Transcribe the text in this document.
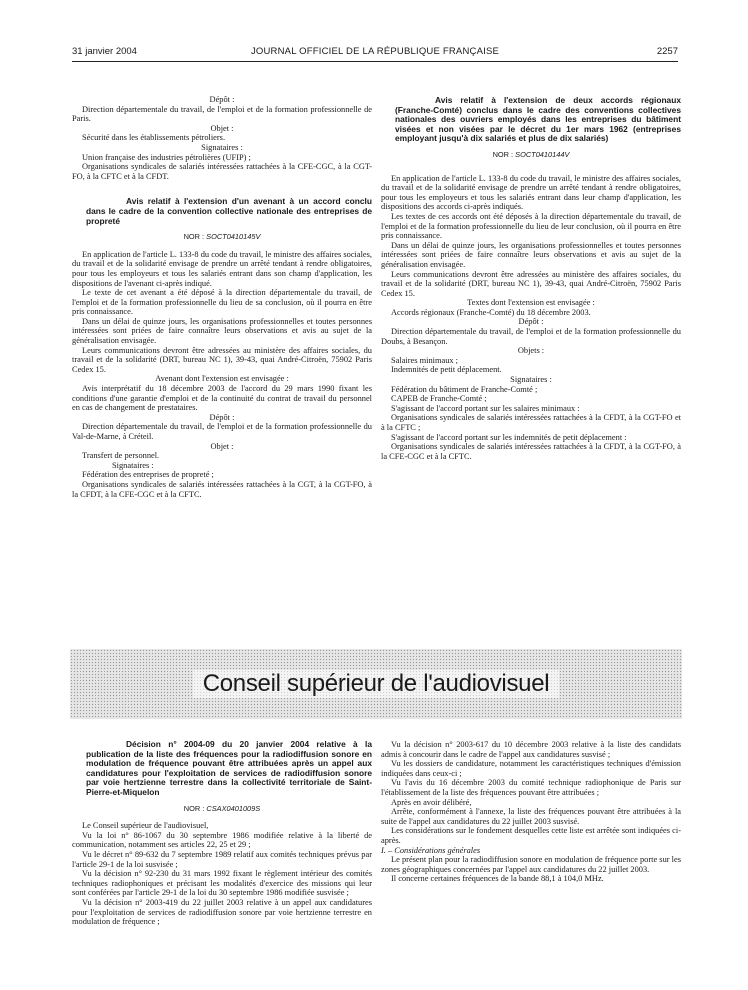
31 janvier 2004	JOURNAL OFFICIEL DE LA RÉPUBLIQUE FRANÇAISE	2257

Dépôt :

Direction départementale du travail, de l'emploi et de la formation professionnelle de Paris.

Objet :

Sécurité dans les établissements pétroliers.

Signataires :

Union française des industries pétrolières (UFIP) ;

Organisations syndicales de salariés intéressées rattachées à la CFE-CGC, à la CGT-FO, à la CFTC et à la CFDT.

Avis relatif à l'extension d'un avenant à un accord conclu dans le cadre de la convention collective nationale des entreprises de propreté

NOR : SOCT0410145V

En application de l'article L. 133-8 du code du travail, le ministre des affaires sociales, du travail et de la solidarité envisage de prendre un arrêté tendant à rendre obligatoires, pour tous les employeurs et tous les salariés entrant dans son champ d'application, les dispositions de l'avenant ci-après indiqué.

Le texte de cet avenant a été déposé à la direction départementale du travail, de l'emploi et de la formation professionnelle du lieu de sa conclusion, où il pourra en être pris connaissance.

Dans un délai de quinze jours, les organisations professionnelles et toutes personnes intéressées sont priées de faire connaître leurs observations et avis au sujet de la généralisation envisagée.

Leurs communications devront être adressées au ministère des affaires sociales, du travail et de la solidarité (DRT, bureau NC 1), 39-43, quai André-Citroën, 75902 Paris Cedex 15.

Avenant dont l'extension est envisagée :

Avis interprétatif du 18 décembre 2003 de l'accord du 29 mars 1990 fixant les conditions d'une garantie d'emploi et de la continuité du contrat de travail du personnel en cas de changement de prestataires.

Dépôt :

Direction départementale du travail, de l'emploi et de la formation professionnelle du Val-de-Marne, à Créteil.

Objet :

Transfert de personnel.

Signataires :

Fédération des entreprises de propreté ;

Organisations syndicales de salariés intéressées rattachées à la CGT, à la CGT-FO, à la CFDT, à la CFE-CGC et à la CFTC.

Avis relatif à l'extension de deux accords régionaux (Franche-Comté) conclus dans le cadre des conventions collectives nationales des ouvriers employés dans les entreprises du bâtiment visées et non visées par le décret du 1er mars 1962 (entreprises employant jusqu'à dix salariés et plus de dix salariés)

NOR : SOCT0410144V

En application de l'article L. 133-8 du code du travail, le ministre des affaires sociales, du travail et de la solidarité envisage de prendre un arrêté tendant à rendre obligatoires, pour tous les employeurs et tous les salariés entrant dans leur champ d'application, les dispositions des accords ci-après indiqués.

Les textes de ces accords ont été déposés à la direction départementale du travail, de l'emploi et de la formation professionnelle du lieu de leur conclusion, où il pourra en être pris connaissance.

Dans un délai de quinze jours, les organisations professionnelles et toutes personnes intéressées sont priées de faire connaître leurs observations et avis au sujet de la généralisation envisagée.

Leurs communications devront être adressées au ministère des affaires sociales, du travail et de la solidarité (DRT, bureau NC 1), 39-43, quai André-Citroën, 75902 Paris Cedex 15.

Textes dont l'extension est envisagée :

Accords régionaux (Franche-Comté) du 18 décembre 2003.

Dépôt :

Direction départementale du travail, de l'emploi et de la formation professionnelle du Doubs, à Besançon.

Objets :

Salaires minimaux ;

Indemnités de petit déplacement.

Signataires :

Fédération du bâtiment de Franche-Comté ;

CAPEB de Franche-Comté ;

S'agissant de l'accord portant sur les salaires minimaux :

Organisations syndicales de salariés intéressées rattachées à la CFDT, à la CGT-FO et à la CFTC ;

S'agissant de l'accord portant sur les indemnités de petit déplacement :

Organisations syndicales de salariés intéressées rattachées à la CFDT, à la CGT-FO, à la CFE-CGC et à la CFTC.

Conseil supérieur de l'audiovisuel

Décision n° 2004-09 du 20 janvier 2004 relative à la publication de la liste des fréquences pour la radiodiffusion sonore en modulation de fréquence pouvant être attribuées après un appel aux candidatures pour l'exploitation de services de radiodiffusion sonore par voie hertzienne terrestre dans la collectivité territoriale de Saint-Pierre-et-Miquelon

NOR : CSAX0401009S

Le Conseil supérieur de l'audiovisuel,

Vu la loi n° 86-1067 du 30 septembre 1986 modifiée relative à la liberté de communication, notamment ses articles 22, 25 et 29 ;

Vu le décret n° 89-632 du 7 septembre 1989 relatif aux comités techniques prévus par l'article 29-1 de la loi susvisée ;

Vu la décision n° 92-230 du 31 mars 1992 fixant le règlement intérieur des comités techniques radiophoniques et précisant les modalités d'exercice des missions qui leur sont conférées par l'article 29-1 de la loi du 30 septembre 1986 modifiée susvisée ;

Vu la décision n° 2003-419 du 22 juillet 2003 relative à un appel aux candidatures pour l'exploitation de services de radiodiffusion sonore par voie hertzienne terrestre en modulation de fréquence ;

Vu la décision n° 2003-617 du 10 décembre 2003 relative à la liste des candidats admis à concourir dans le cadre de l'appel aux candidatures susvisé ;

Vu les dossiers de candidature, notamment les caractéristiques techniques d'émission indiquées dans ceux-ci ;

Vu l'avis du 16 décembre 2003 du comité technique radiophonique de Paris sur l'établissement de la liste des fréquences pouvant être attribuées ;

Après en avoir délibéré,

Arrête, conformément à l'annexe, la liste des fréquences pouvant être attribuées à la suite de l'appel aux candidatures du 22 juillet 2003 susvisé.

Les considérations sur le fondement desquelles cette liste est arrêtée sont indiquées ci-après.

I. – Considérations générales

Le présent plan pour la radiodiffusion sonore en modulation de fréquence porte sur les zones géographiques concernées par l'appel aux candidatures du 22 juillet 2003.

Il concerne certaines fréquences de la bande 88,1 à 104,0 MHz.
